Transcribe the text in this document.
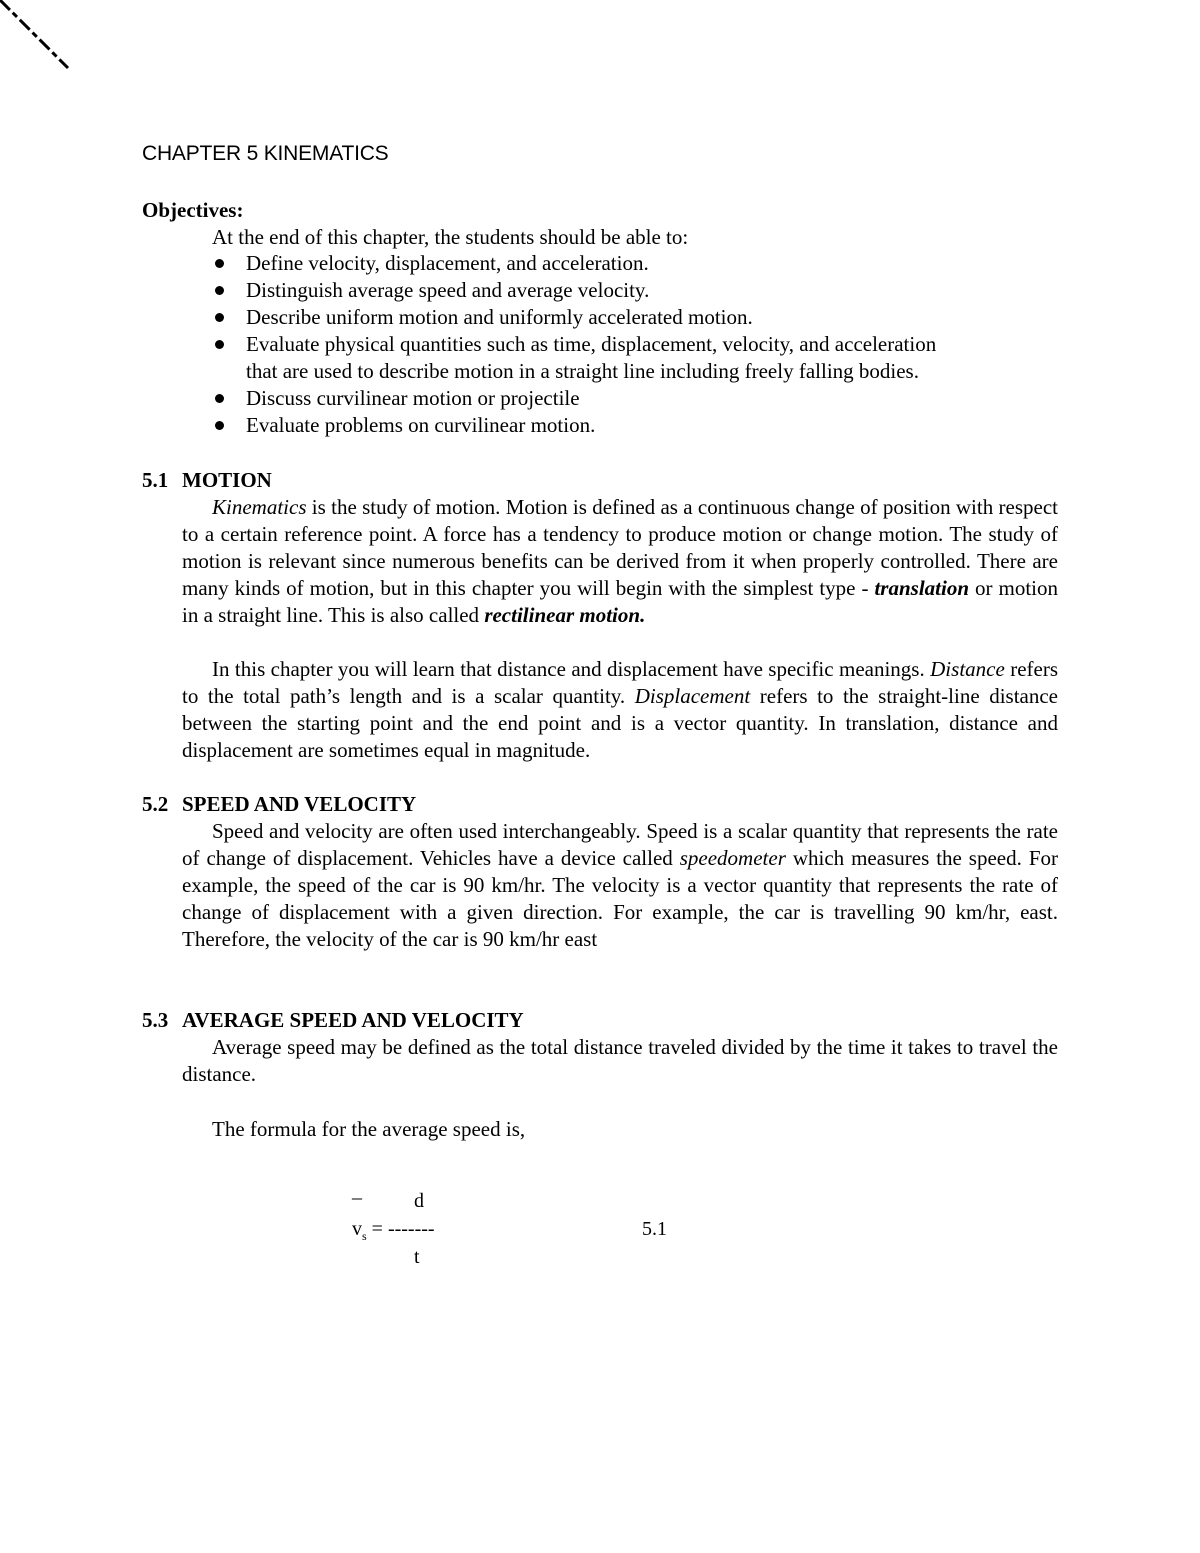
CHAPTER 5 KINEMATICS
Objectives:
At the end of this chapter, the students should be able to:
Define velocity, displacement, and acceleration.
Distinguish average speed and average velocity.
Describe uniform motion and uniformly accelerated motion.
Evaluate physical quantities such as time, displacement, velocity, and acceleration
that are used to describe motion in a straight line including freely falling bodies.
Discuss curvilinear motion or projectile
Evaluate problems on curvilinear motion.
5.1 MOTION

Kinematics is the study of motion. Motion is defined as a continuous change of position with respect to a certain reference point. A force has a tendency to produce motion or change motion. The study of motion is relevant since numerous benefits can be derived from it when properly controlled. There are many kinds of motion, but in this chapter you will begin with the simplest type - translation or motion in a straight line. This is also called rectilinear motion.

In this chapter you will learn that distance and displacement have specific meanings. Distance refers to the total path’s length and is a scalar quantity. Displacement refers to the straight-line distance between the starting point and the end point and is a vector quantity. In translation, distance and displacement are sometimes equal in magnitude.

5.2 SPEED AND VELOCITY

Speed and velocity are often used interchangeably. Speed is a scalar quantity that represents the rate of change of displacement. Vehicles have a device called speedometer which measures the speed. For example, the speed of the car is 90 km/hr. The velocity is a vector quantity that represents the rate of change of displacement with a given direction. For example, the car is travelling 90 km/hr, east. Therefore, the velocity of the car is 90 km/hr east

5.3 AVERAGE SPEED AND VELOCITY

Average speed may be defined as the total distance traveled divided by the time it takes to travel the distance.

The formula for the average speed is,
_	d
$v_s$ = -------
t
5.1
